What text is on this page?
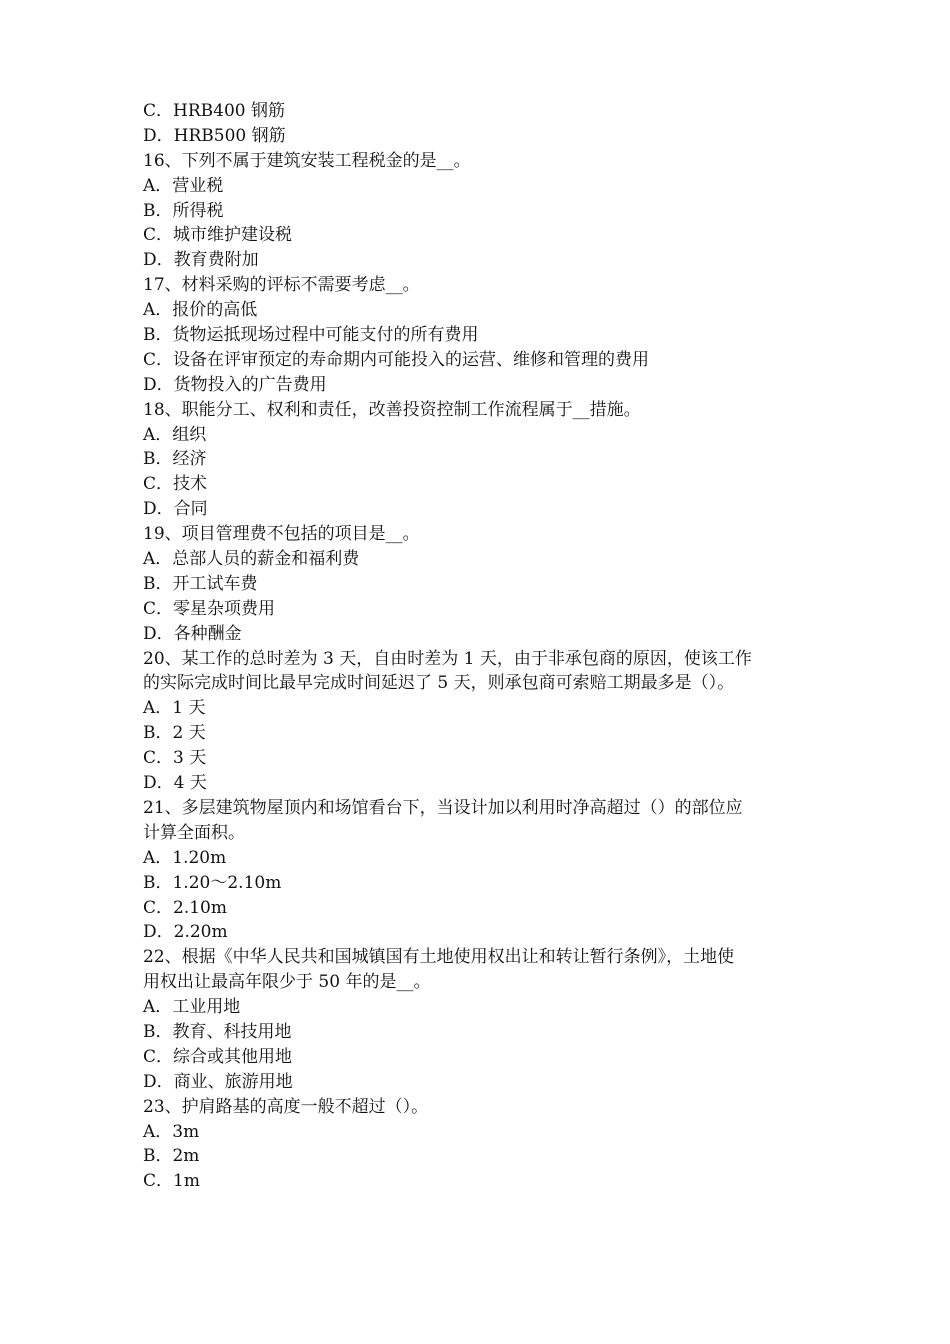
C．HRB400 钢筋
D．HRB500 钢筋
16、下列不属于建筑安装工程税金的是__。
A．营业税
B．所得税
C．城市维护建设税
D．教育费附加
17、材料采购的评标不需要考虑__。
A．报价的高低
B．货物运抵现场过程中可能支付的所有费用
C．设备在评审预定的寿命期内可能投入的运营、维修和管理的费用
D．货物投入的广告费用
18、职能分工、权利和责任，改善投资控制工作流程属于__措施。
A．组织
B．经济
C．技术
D．合同
19、项目管理费不包括的项目是__。
A．总部人员的薪金和福利费
B．开工试车费
C．零星杂项费用
D．各种酬金
20、某工作的总时差为 3 天，自由时差为 1 天，由于非承包商的原因，使该工作
的实际完成时间比最早完成时间延迟了 5 天，则承包商可索赔工期最多是（）。
A．1 天
B．2 天
C．3 天
D．4 天
21、多层建筑物屋顶内和场馆看台下，当设计加以利用时净高超过（）的部位应
计算全面积。
A．1.20m
B．1.20～2.10m
C．2.10m
D．2.20m
22、根据《中华人民共和国城镇国有土地使用权出让和转让暂行条例》，土地使
用权出让最高年限少于 50 年的是__。
A．工业用地
B．教育、科技用地
C．综合或其他用地
D．商业、旅游用地
23、护肩路基的高度一般不超过（）。
A．3m
B．2m
C．1m
